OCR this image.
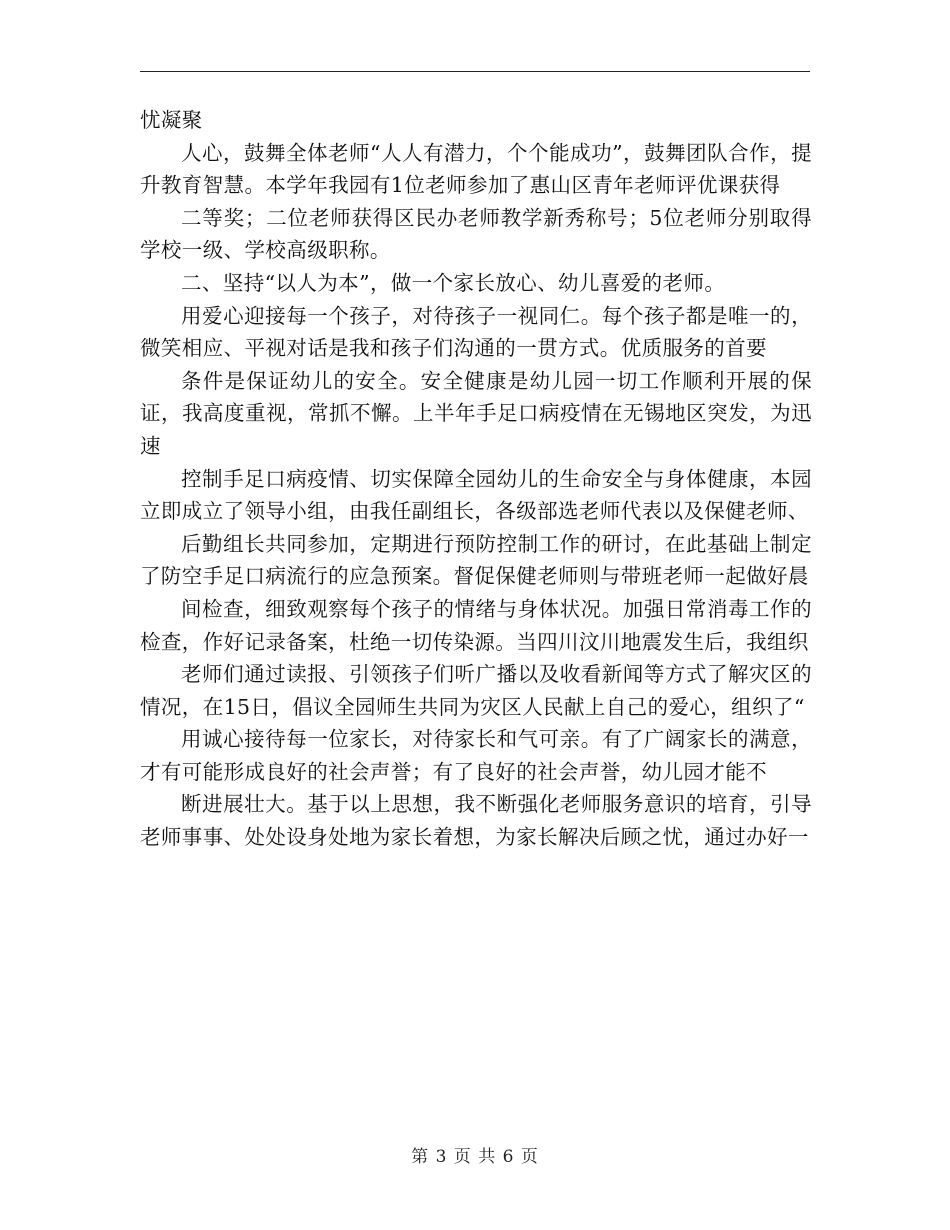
忧凝聚

人心，鼓舞全体老师“人人有潜力，个个能成功”，鼓舞团队合作，提升教育智慧。本学年我园有1位老师参加了惠山区青年老师评优课获得

二等奖；二位老师获得区民办老师教学新秀称号；5位老师分别取得学校一级、学校高级职称。

二、坚持“以人为本”，做一个家长放心、幼儿喜爱的老师。

用爱心迎接每一个孩子，对待孩子一视同仁。每个孩子都是唯一的，微笑相应、平视对话是我和孩子们沟通的一贯方式。优质服务的首要

条件是保证幼儿的安全。安全健康是幼儿园一切工作顺利开展的保证，我高度重视，常抓不懈。上半年手足口病疫情在无锡地区突发，为迅速

控制手足口病疫情、切实保障全园幼儿的生命安全与身体健康，本园立即成立了领导小组，由我任副组长，各级部选老师代表以及保健老师、

后勤组长共同参加，定期进行预防控制工作的研讨，在此基础上制定了防空手足口病流行的应急预案。督促保健老师则与带班老师一起做好晨

间检查，细致观察每个孩子的情绪与身体状况。加强日常消毒工作的检查，作好记录备案，杜绝一切传染源。当四川汶川地震发生后，我组织

老师们通过读报、引领孩子们听广播以及收看新闻等方式了解灾区的情况，在15日，倡议全园师生共同为灾区人民献上自己的爱心，组织了“

用诚心接待每一位家长，对待家长和气可亲。有了广阔家长的满意，才有可能形成良好的社会声誉；有了良好的社会声誉，幼儿园才能不

断进展壮大。基于以上思想，我不断强化老师服务意识的培育，引导老师事事、处处设身处地为家长着想，为家长解决后顾之忧，通过办好一

第 3 页 共 6 页
